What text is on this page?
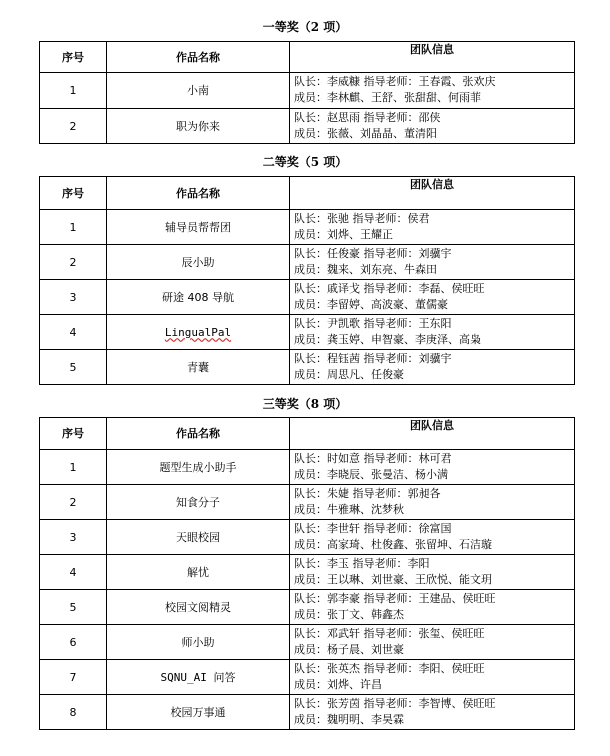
一等奖（2 项）
序号	作品名称	团队信息
1	小南	队长：李威糠 指导老师：王春霞、张欢庆
成员：李林麒、王舒、张甜甜、何雨菲

2	职为你来	队长：赵思雨 指导老师：邵侠
成员：张薇、刘晶晶、董清阳
二等奖（5 项）
序号	作品名称	团队信息
1	辅导员帮帮团	队长：张驰 指导老师：侯君
成员：刘烨、王耀正

2	辰小助	队长：任俊豪 指导老师：刘骥宇
成员：魏来、刘东亮、牛森田

3	研途 408 导航	队长：戚译戈 指导老师：李磊、侯旺旺
成员：李留婷、高波豪、董儒豪

4	LingualPal	队长：尹凯歌 指导老师：王东阳
成员：龚玉婷、申智豪、李庚泽、高枭

5	青囊	队长：程钰茜 指导老师：刘骥宇
成员：周思凡、任俊豪
三等奖（8 项）
序号	作品名称	团队信息
1	题型生成小助手	队长：时如意 指导老师：林可君
成员：李晓辰、张曼洁、杨小满

2	知食分子	队长：朱婕 指导老师：郭昶各
成员：牛雅琳、沈梦秋

3	天眼校园	队长：李世轩 指导老师：徐富国
成员：高家琦、杜俊鑫、张留坤、石洁璇

4	解忧	队长：李玉 指导老师：李阳
成员：王以琳、刘世豪、王欣悦、能文玥

5	校园文阅精灵	队长：郭李豪 指导老师：王建品、侯旺旺
成员：张丁文、韩鑫杰

6	师小助	队长：邓武轩 指导老师：张玺、侯旺旺
成员：杨子晨、刘世豪

7	SQNU_AI 问答	队长：张英杰 指导老师：李阳、侯旺旺
成员：刘烨、许昌

8	校园万事通	队长：张芳茵 指导老师：李智博、侯旺旺
成员：魏明明、李昊霖
